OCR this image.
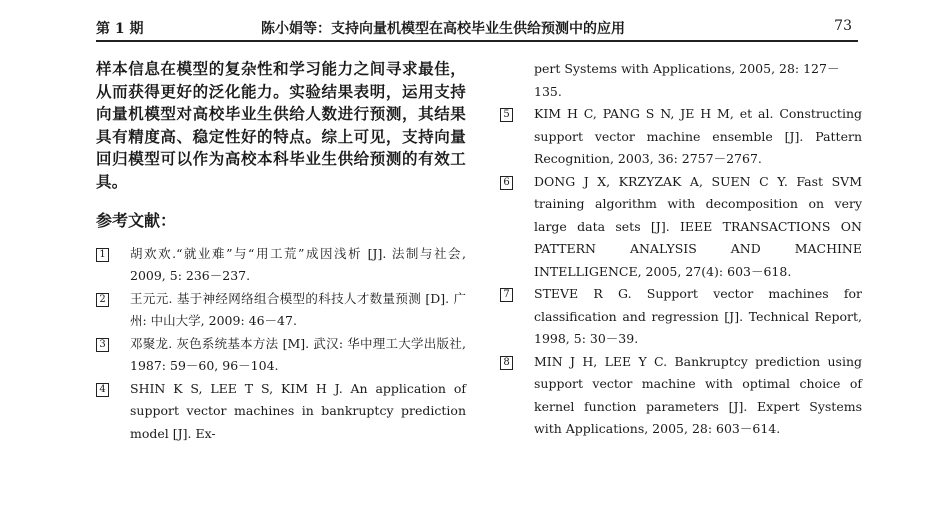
第 1 期	陈小娟等：支持向量机模型在高校毕业生供给预测中的应用	73

样本信息在模型的复杂性和学习能力之间寻求最佳，从而获得更好的泛化能力。实验结果表明，运用支持向量机模型对高校毕业生供给人数进行预测，其结果具有精度高、稳定性好的特点。综上可见，支持向量回归模型可以作为高校本科毕业生供给预测的有效工具。

参考文献：
1 胡欢欢.“就业难”与“用工荒”成因浅析 [J]. 法制与社会, 2009, 5: 236－237.
2 王元元. 基于神经网络组合模型的科技人才数量预测 [D]. 广州: 中山大学, 2009: 46－47.
3 邓聚龙. 灰色系统基本方法 [M]. 武汉: 华中理工大学出版社, 1987: 59－60, 96－104.
4 SHIN K S, LEE T S, KIM H J. An application of support vector machines in bankruptcy prediction model [J]. Ex-
pert Systems with Applications, 2005, 28: 127－135.
5 KIM H C, PANG S N, JE H M, et al. Constructing support vector machine ensemble [J]. Pattern Recognition, 2003, 36: 2757－2767.
6 DONG J X, KRZYZAK A, SUEN C Y. Fast SVM training algorithm with decomposition on very large data sets [J]. IEEE TRANSACTIONS ON PATTERN ANALYSIS AND MACHINE INTELLIGENCE, 2005, 27(4): 603－618.
7 STEVE R G. Support vector machines for classification and regression [J]. Technical Report, 1998, 5: 30－39.
8 MIN J H, LEE Y C. Bankruptcy prediction using support vector machine with optimal choice of kernel function parameters [J]. Expert Systems with Applications, 2005, 28: 603－614.
